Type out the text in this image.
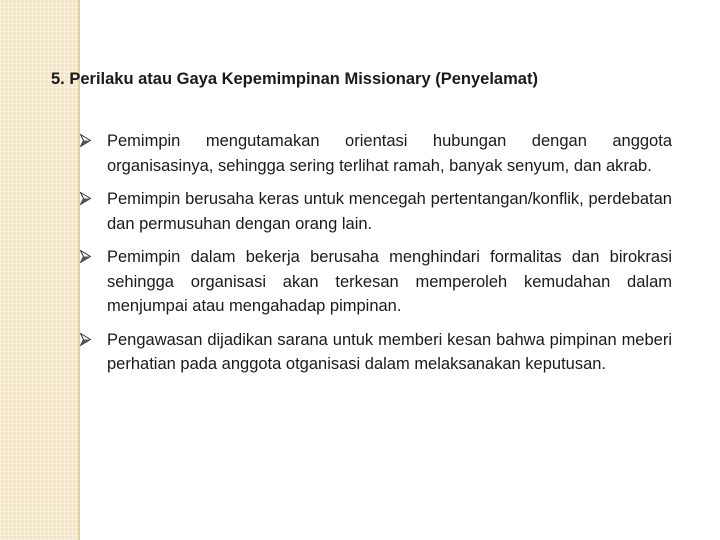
5. Perilaku atau Gaya Kepemimpinan Missionary (Penyelamat)
Pemimpin mengutamakan orientasi hubungan dengan anggota organisasinya, sehingga sering terlihat ramah, banyak senyum, dan akrab.
Pemimpin berusaha keras untuk mencegah pertentangan/konflik, perdebatan dan permusuhan dengan orang lain.
Pemimpin dalam bekerja berusaha menghindari formalitas dan birokrasi sehingga organisasi akan terkesan memperoleh kemudahan dalam menjumpai atau mengahadap pimpinan.
Pengawasan dijadikan sarana untuk memberi kesan bahwa pimpinan meberi perhatian pada anggota otganisasi dalam melaksanakan keputusan.
